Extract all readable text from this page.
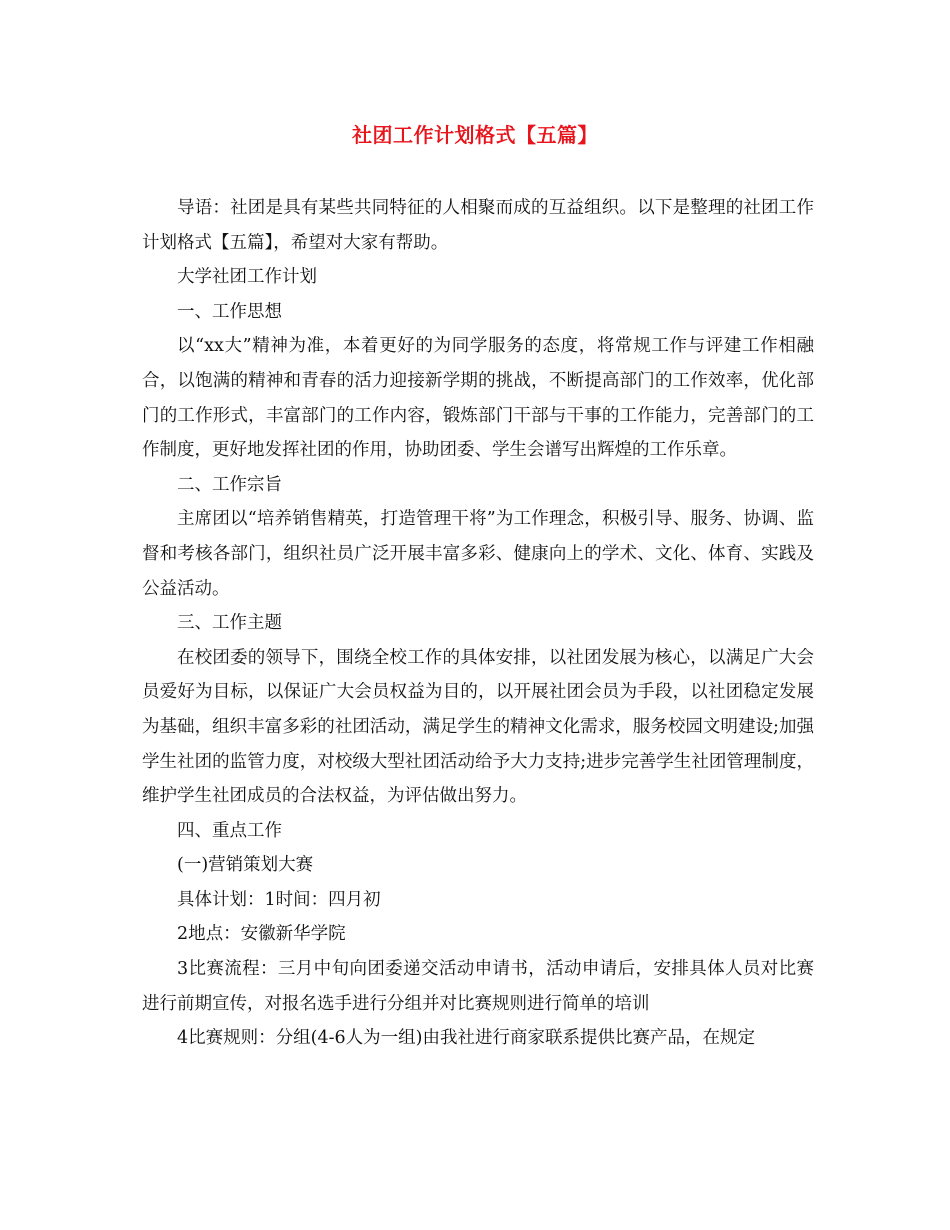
社团工作计划格式【五篇】

导语：社团是具有某些共同特征的人相聚而成的互益组织。以下是整理的社团工作计划格式【五篇】，希望对大家有帮助。

大学社团工作计划

一、工作思想

以“xx大”精神为准，本着更好的为同学服务的态度，将常规工作与评建工作相融合，以饱满的精神和青春的活力迎接新学期的挑战，不断提高部门的工作效率，优化部门的工作形式，丰富部门的工作内容，锻炼部门干部与干事的工作能力，完善部门的工作制度，更好地发挥社团的作用，协助团委、学生会谱写出辉煌的工作乐章。

二、工作宗旨

主席团以“培养销售精英，打造管理干将”为工作理念，积极引导、服务、协调、监督和考核各部门，组织社员广泛开展丰富多彩、健康向上的学术、文化、体育、实践及公益活动。

三、工作主题

在校团委的领导下，围绕全校工作的具体安排，以社团发展为核心，以满足广大会员爱好为目标，以保证广大会员权益为目的，以开展社团会员为手段，以社团稳定发展为基础，组织丰富多彩的社团活动，满足学生的精神文化需求，服务校园文明建设;加强学生社团的监管力度，对校级大型社团活动给予大力支持;进步完善学生社团管理制度，维护学生社团成员的合法权益，为评估做出努力。

四、重点工作

(一)营销策划大赛

具体计划：1时间：四月初

2地点：安徽新华学院

3比赛流程：三月中旬向团委递交活动申请书，活动申请后，安排具体人员对比赛进行前期宣传，对报名选手进行分组并对比赛规则进行简单的培训

4比赛规则：分组(4-6人为一组)由我社进行商家联系提供比赛产品，在规定
